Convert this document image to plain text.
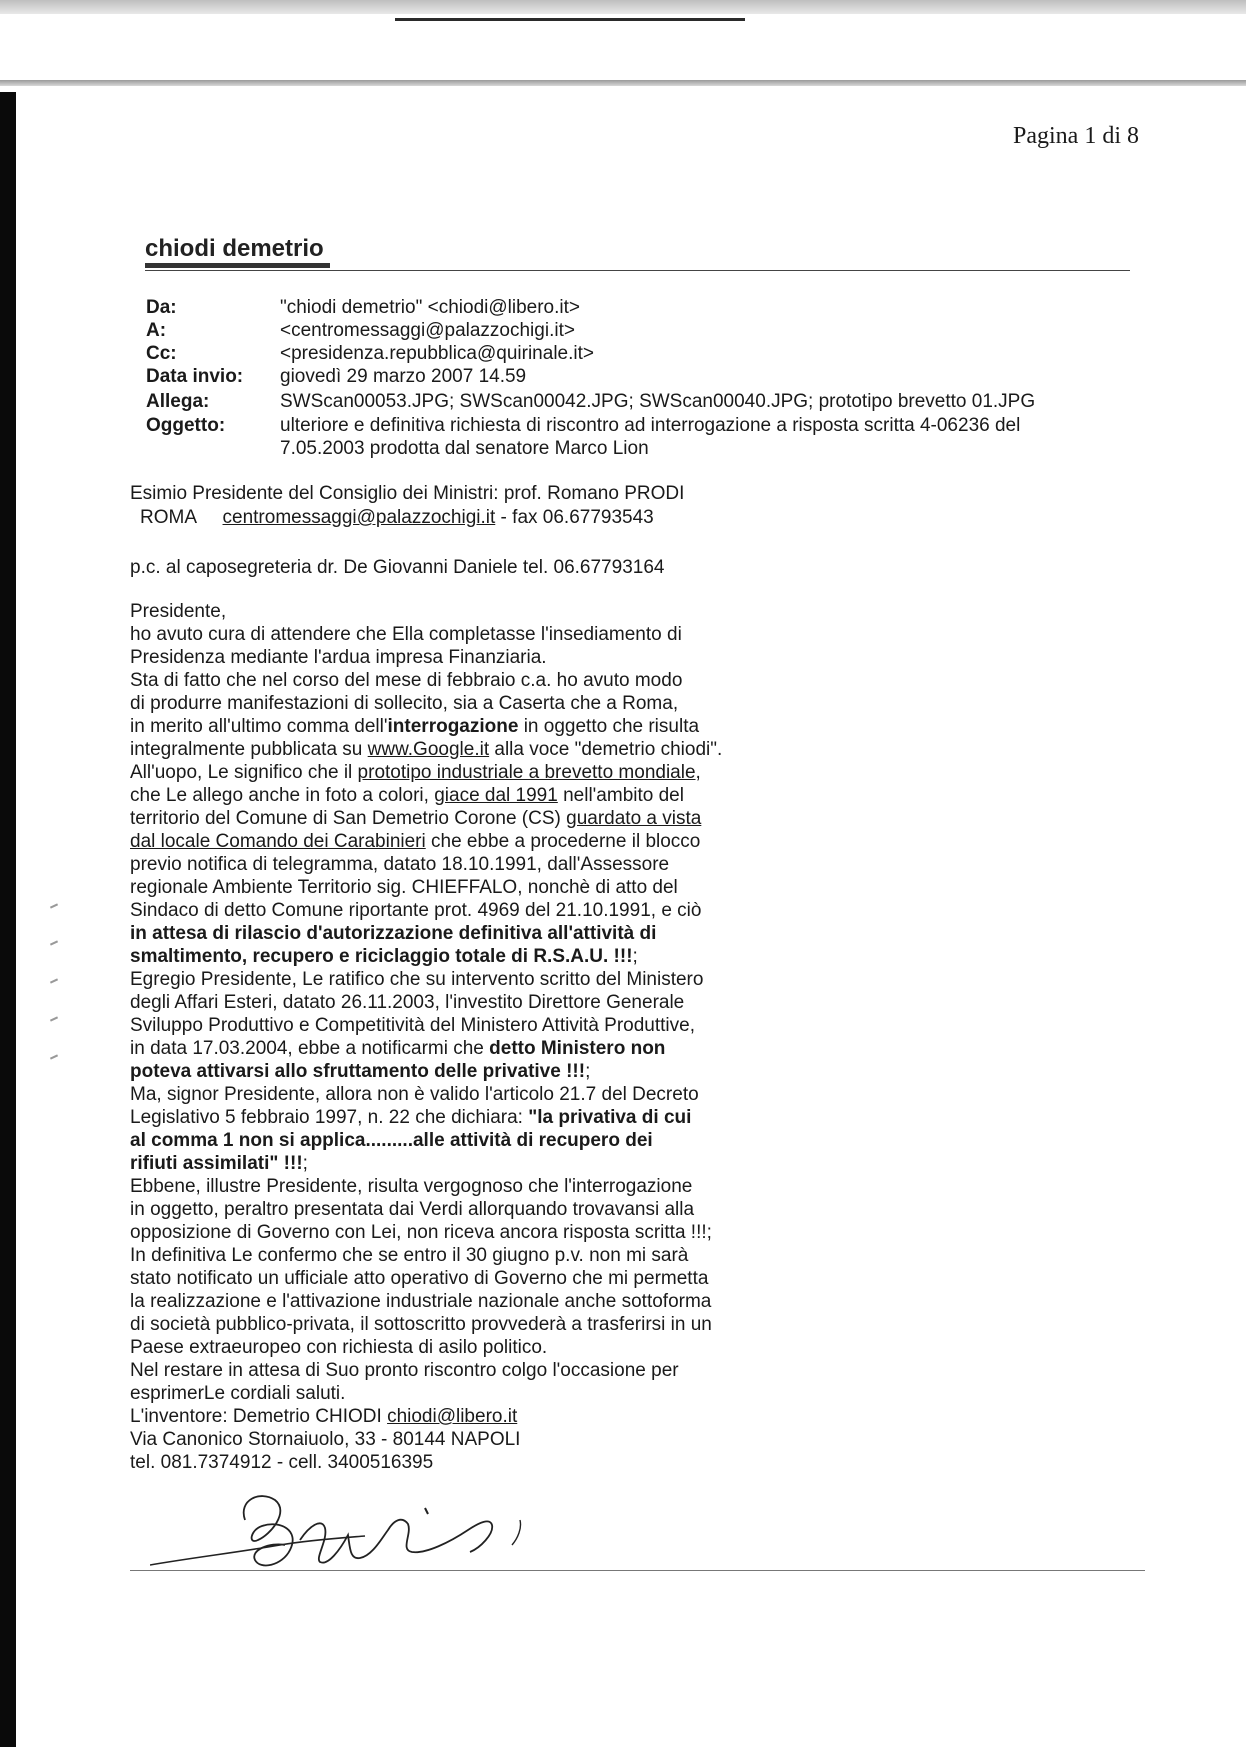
Pagina 1 di 8
chiodi demetrio
Da:	"chiodi demetrio" <chiodi@libero.it>
A:	<centromessaggi@palazzochigi.it>
Cc:	<presidenza.repubblica@quirinale.it>
Data invio: giovedì 29 marzo 2007 14.59
Allega:	SWScan00053.JPG; SWScan00042.JPG; SWScan00040.JPG; prototipo brevetto 01.JPG
Oggetto:	ulteriore e definitiva richiesta di riscontro ad interrogazione a risposta scritta 4-06236 del
7.05.2003 prodotta dal senatore Marco Lion
Esimio Presidente del Consiglio dei Ministri: prof. Romano PRODI
ROMA centromessaggi@palazzochigi.it - fax 06.67793543
p.c. al caposegreteria dr. De Giovanni Daniele tel. 06.67793164
Presidente,
ho avuto cura di attendere che Ella completasse l'insediamento di
Presidenza mediante l'ardua impresa Finanziaria.
Sta di fatto che nel corso del mese di febbraio c.a. ho avuto modo
di produrre manifestazioni di sollecito, sia a Caserta che a Roma,
in merito all'ultimo comma dell'interrogazione in oggetto che risulta
integralmente pubblicata su www.Google.it alla voce "demetrio chiodi".
All'uopo, Le significo che il prototipo industriale a brevetto mondiale,
che Le allego anche in foto a colori, giace dal 1991 nell'ambito del
territorio del Comune di San Demetrio Corone (CS) guardato a vista
dal locale Comando dei Carabinieri che ebbe a procederne il blocco
previo notifica di telegramma, datato 18.10.1991, dall'Assessore
regionale Ambiente Territorio sig. CHIEFFALO, nonchè di atto del
Sindaco di detto Comune riportante prot. 4969 del 21.10.1991, e ciò
in attesa di rilascio d'autorizzazione definitiva all'attività di
smaltimento, recupero e riciclaggio totale di R.S.A.U. !!!;
Egregio Presidente, Le ratifico che su intervento scritto del Ministero
degli Affari Esteri, datato 26.11.2003, l'investito Direttore Generale
Sviluppo Produttivo e Competitività del Ministero Attività Produttive,
in data 17.03.2004, ebbe a notificarmi che detto Ministero non
poteva attivarsi allo sfruttamento delle privative !!!;
Ma, signor Presidente, allora non è valido l'articolo 21.7 del Decreto
Legislativo 5 febbraio 1997, n. 22 che dichiara: "la privativa di cui
al comma 1 non si applica.........alle attività di recupero dei
rifiuti assimilati" !!!;
Ebbene, illustre Presidente, risulta vergognoso che l'interrogazione
in oggetto, peraltro presentata dai Verdi allorquando trovavansi alla
opposizione di Governo con Lei, non riceva ancora risposta scritta !!!;
In definitiva Le confermo che se entro il 30 giugno p.v. non mi sarà
stato notificato un ufficiale atto operativo di Governo che mi permetta
la realizzazione e l'attivazione industriale nazionale anche sottoforma
di società pubblico-privata, il sottoscritto provvederà a trasferirsi in un
Paese extraeuropeo con richiesta di asilo politico.
Nel restare in attesa di Suo pronto riscontro colgo l'occasione per
esprimerLe cordiali saluti.
L'inventore: Demetrio CHIODI chiodi@libero.it
Via Canonico Stornaiuolo, 33 - 80144 NAPOLI
tel. 081.7374912 - cell. 3400516395
